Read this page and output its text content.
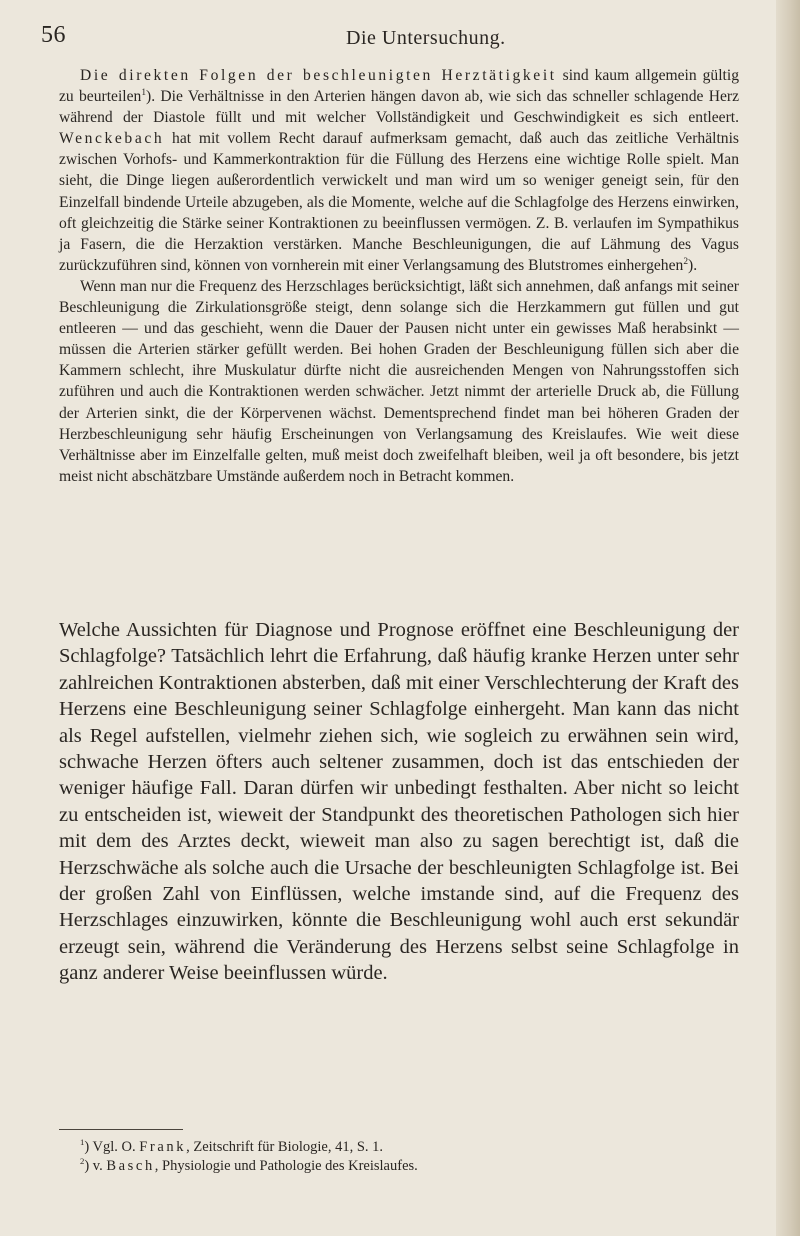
56	Die Untersuchung.

Die direkten Folgen der beschleunigten Herztätigkeit sind kaum allgemein gültig zu beurteilen$^1$). Die Verhältnisse in den Arterien hängen davon ab, wie sich das schneller schlagende Herz während der Diastole füllt und mit welcher Vollständigkeit und Geschwindigkeit es sich entleert. Wenckebach hat mit vollem Recht darauf aufmerksam gemacht, daß auch das zeitliche Verhältnis zwischen Vorhofs- und Kammerkontraktion für die Füllung des Herzens eine wichtige Rolle spielt. Man sieht, die Dinge liegen außerordentlich verwickelt und man wird um so weniger geneigt sein, für den Einzelfall bindende Urteile abzugeben, als die Momente, welche auf die Schlagfolge des Herzens einwirken, oft gleichzeitig die Stärke seiner Kontraktionen zu beeinflussen vermögen. Z. B. verlaufen im Sympathikus ja Fasern, die die Herzaktion verstärken. Manche Beschleunigungen, die auf Lähmung des Vagus zurückzuführen sind, können von vornherein mit einer Verlangsamung des Blutstromes einhergehen$^2$).

Wenn man nur die Frequenz des Herzschlages berücksichtigt, läßt sich annehmen, daß anfangs mit seiner Beschleunigung die Zirkulationsgröße steigt, denn solange sich die Herzkammern gut füllen und gut entleeren — und das geschieht, wenn die Dauer der Pausen nicht unter ein gewisses Maß herabsinkt — müssen die Arterien stärker gefüllt werden. Bei hohen Graden der Beschleunigung füllen sich aber die Kammern schlecht, ihre Muskulatur dürfte nicht die ausreichenden Mengen von Nahrungsstoffen sich zuführen und auch die Kontraktionen werden schwächer. Jetzt nimmt der arterielle Druck ab, die Füllung der Arterien sinkt, die der Körpervenen wächst. Dementsprechend findet man bei höheren Graden der Herzbeschleunigung sehr häufig Erscheinungen von Verlangsamung des Kreislaufes. Wie weit diese Verhältnisse aber im Einzelfalle gelten, muß meist doch zweifelhaft bleiben, weil ja oft besondere, bis jetzt meist nicht abschätzbare Umstände außerdem noch in Betracht kommen.

Welche Aussichten für Diagnose und Prognose eröffnet eine Beschleunigung der Schlagfolge? Tatsächlich lehrt die Erfahrung, daß häufig kranke Herzen unter sehr zahlreichen Kontraktionen absterben, daß mit einer Verschlechterung der Kraft des Herzens eine Beschleunigung seiner Schlagfolge einhergeht. Man kann das nicht als Regel aufstellen, vielmehr ziehen sich, wie sogleich zu erwähnen sein wird, schwache Herzen öfters auch seltener zusammen, doch ist das entschieden der weniger häufige Fall. Daran dürfen wir unbedingt festhalten. Aber nicht so leicht zu entscheiden ist, wieweit der Standpunkt des theoretischen Pathologen sich hier mit dem des Arztes deckt, wieweit man also zu sagen berechtigt ist, daß die Herzschwäche als solche auch die Ursache der beschleunigten Schlagfolge ist. Bei der großen Zahl von Einflüssen, welche imstande sind, auf die Frequenz des Herzschlages einzuwirken, könnte die Beschleunigung wohl auch erst sekundär erzeugt sein, während die Veränderung des Herzens selbst seine Schlagfolge in ganz anderer Weise beeinflussen würde.

$^1$) Vgl. O. Frank, Zeitschrift für Biologie, 41, S. 1.

$^2$) v. Basch, Physiologie und Pathologie des Kreislaufes.
